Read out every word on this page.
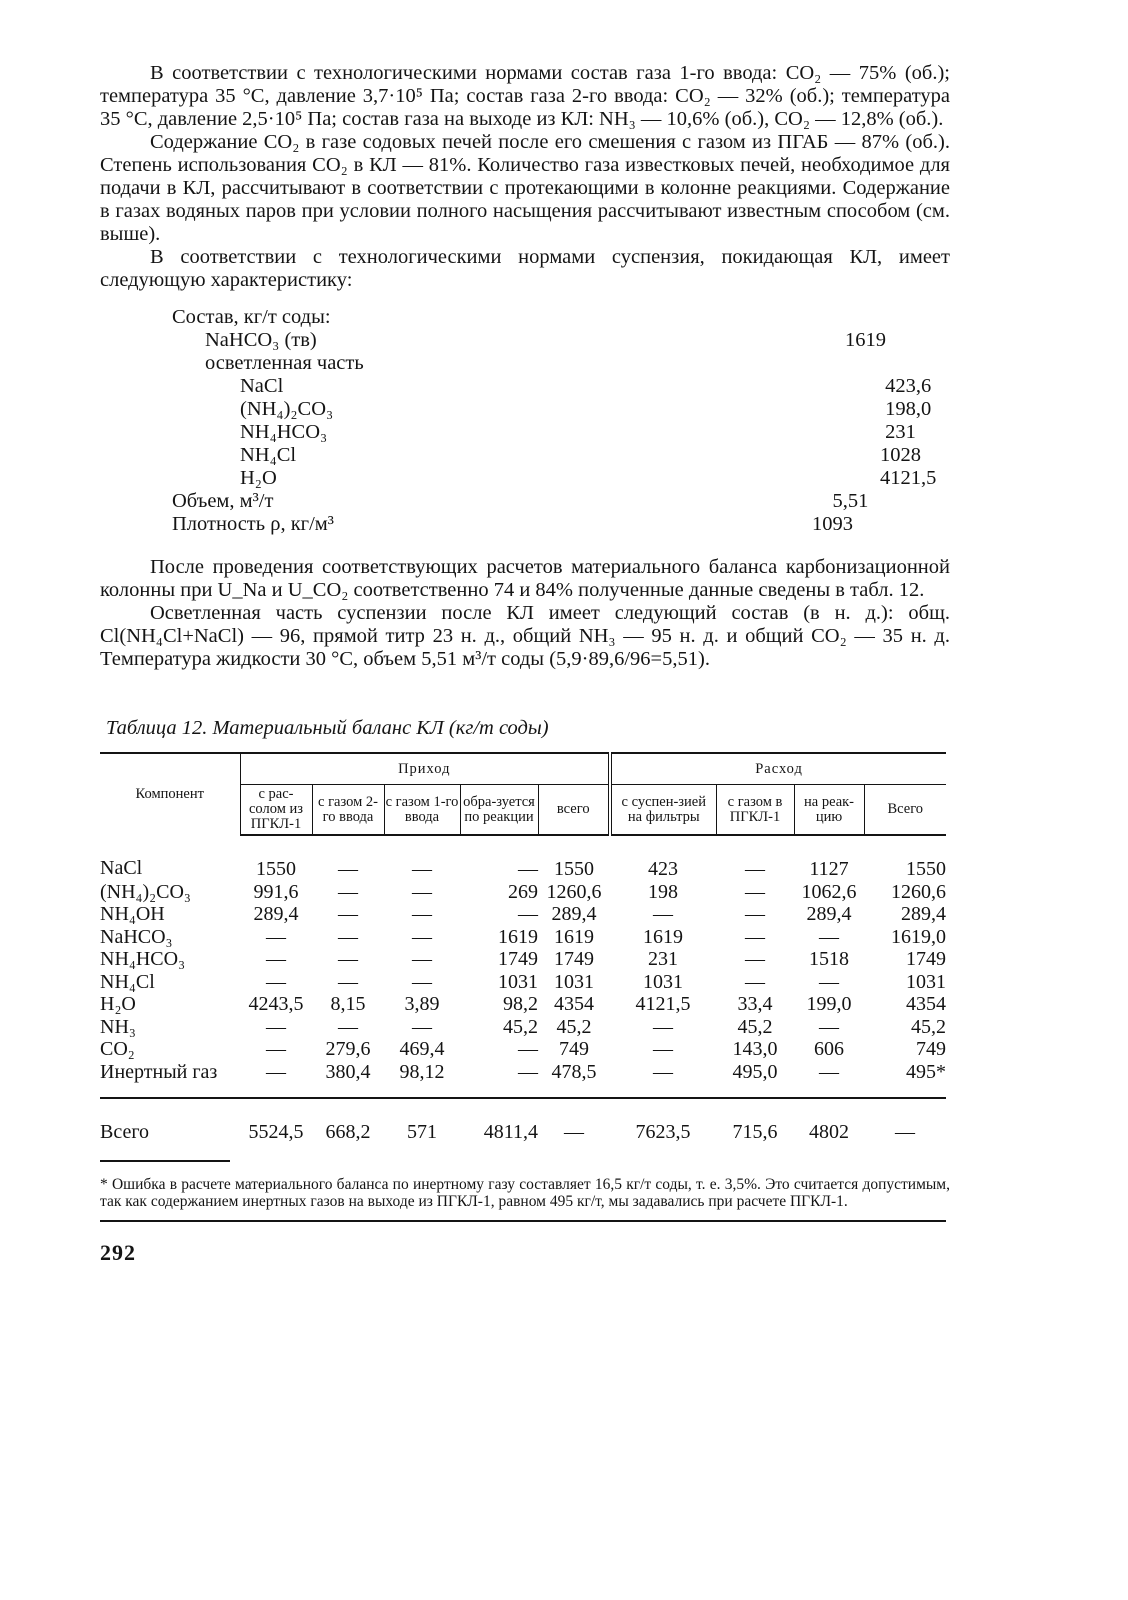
В соответствии с технологическими нормами состав газа 1-го ввода: CO₂ — 75% (об.); температура 35 °С, давление 3,7·10⁵ Па; состав газа 2-го ввода: CO₂ — 32% (об.); температура 35 °С, давление 2,5·10⁵ Па; состав газа на выходе из КЛ: NH₃ — 10,6% (об.), CO₂ — 12,8% (об.).

Содержание CO₂ в газе содовых печей после его смешения с газом из ПГАБ — 87% (об.). Степень использования CO₂ в КЛ — 81%. Количество газа известковых печей, необходимое для подачи в КЛ, рассчитывают в соответствии с протекающими в колонне реакциями. Содержание в газах водяных паров при условии полного насыщения рассчитывают известным способом (см. выше).

В соответствии с технологическими нормами суспензия, покидающая КЛ, имеет следующую характеристику:

Состав, кг/т соды:
NaHCO₃ (тв)	1619
осветленная часть
NaCl	423,6
(NH₄)₂CO₃	198,0
NH₄HCO₃	231
NH₄Cl	1028
H₂O	4121,5
Объем, м³/т	5,51
Плотность ρ, кг/м³	1093

После проведения соответствующих расчетов материального баланса карбонизационной колонны при U_Na и U_CO₂ соответственно 74 и 84% полученные данные сведены в табл. 12.

Осветленная часть суспензии после КЛ имеет следующий состав (в н. д.): общ. Cl(NH₄Cl+NaCl) — 96, прямой титр 23 н. д., общий NH₃ — 95 н. д. и общий CO₂ — 35 н. д. Температура жидкости 30 °С, объем 5,51 м³/т соды (5,9·89,6/96=5,51).

Таблица 12. Материальный баланс КЛ (кг/т соды)
Компонент	Приход					Расход			
	с рас-солом из ПГКЛ-1	с газом 2-го ввода	с газом 1-го ввода	обра-зуется по реакции	всего	с суспен-зией на фильтры	с газом в ПГКЛ-1	на реак-цию	Всего
NaCl	1550	—	—	—	1550	423	—	1127	1550
(NH₄)₂CO₃	991,6	—	—	269	1260,6	198	—	1062,6	1260,6
NH₄OH	289,4	—	—	—	289,4	—	—	289,4	289,4
NaHCO₃	—	—	—	1619	1619	1619	—	—	1619,0
NH₄HCO₃	—	—	—	1749	1749	231	—	1518	1749
NH₄Cl	—	—	—	1031	1031	1031	—	—	1031
H₂O	4243,5	8,15	3,89	98,2	4354	4121,5	33,4	199,0	4354
NH₃	—	—	—	45,2	45,2	—	45,2	—	45,2
CO₂	—	279,6	469,4	—	749	—	143,0	606	749
Инертный газ	—	380,4	98,12	—	478,5	—	495,0	—	495*
Всего	5524,5	668,2	571	4811,4	—	7623,5	715,6	4802	—
* Ошибка в расчете материального баланса по инертному газу составляет 16,5 кг/т соды, т. е. 3,5%. Это считается допустимым, так как содержанием инертных газов на выходе из ПГКЛ-1, равном 495 кг/т, мы задавались при расчете ПГКЛ-1.
292
